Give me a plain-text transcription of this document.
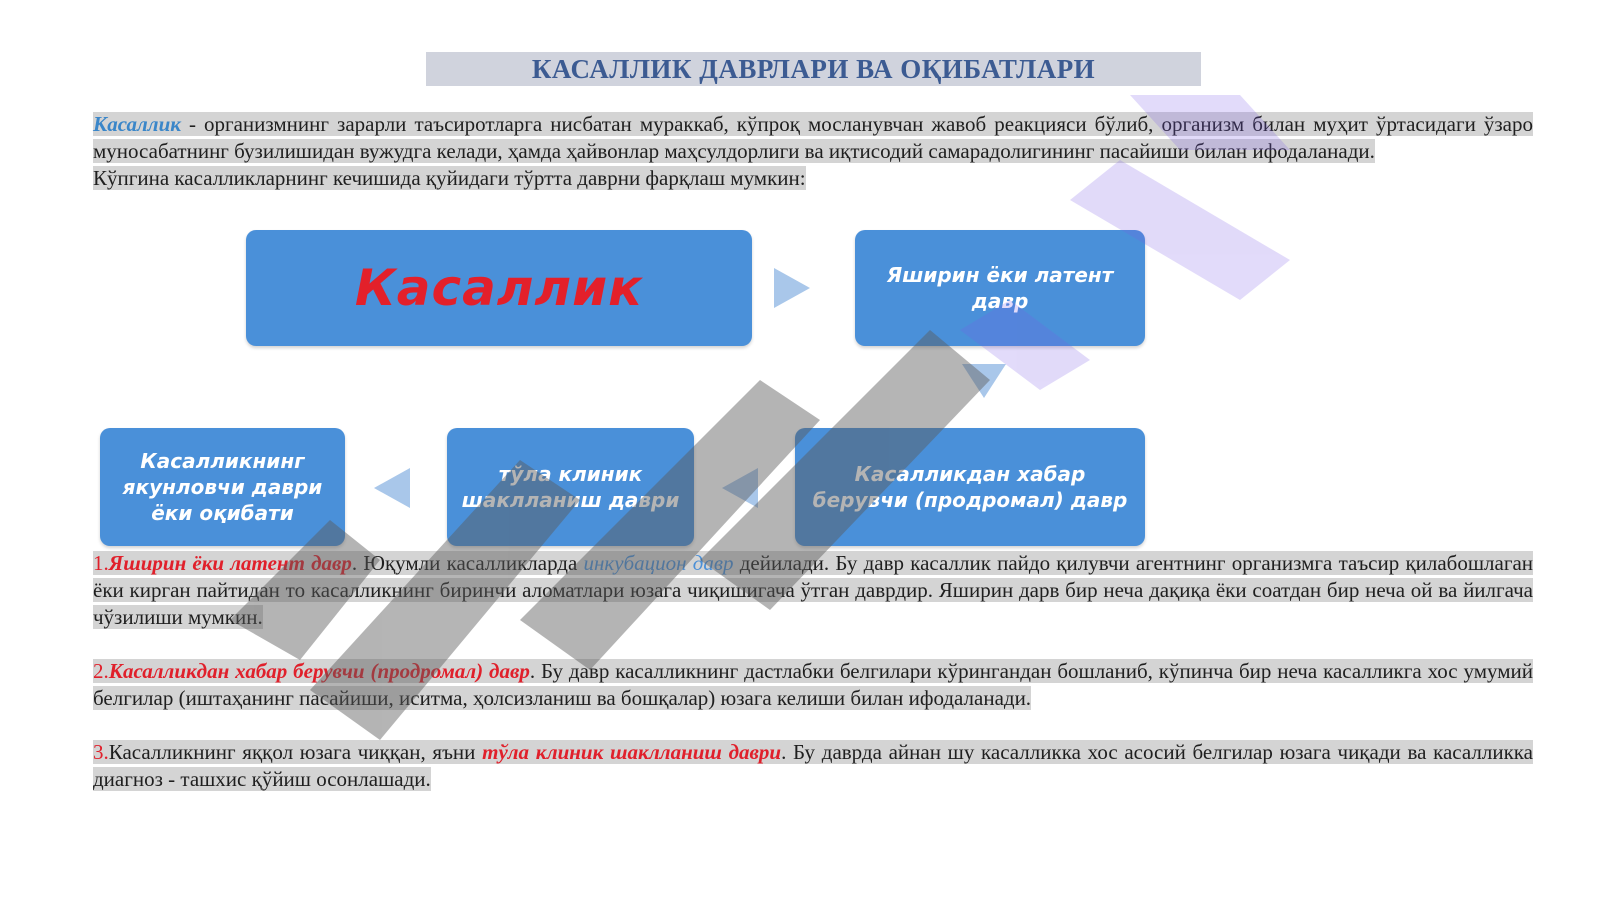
КАСАЛЛИК ДАВРЛАРИ ВА ОҚИБАТЛАРИ
Касаллик - организмнинг зарарли таъсиротларга нисбатан мураккаб, кўпроқ мосланувчан жавоб реакцияси бўлиб, организм билан муҳит ўртасидаги ўзаро муносабатнинг бузилишидан вужудга келади, ҳамда ҳайвонлар маҳсулдорлиги ва иқтисодий самарадолигининг пасайиши билан ифодаланади.
Кўпгина касалликларнинг кечишида қуйидаги тўртта даврни фарқлаш мумкин:
Касаллик	Яширин ёки латент давр
Касалликдан хабар берувчи (продромал) давр
тўла клиник шаклланиш даври
Касалликнинг якунловчи даври ёки оқибати
1.Яширин ёки латент давр. Юқумли касалликларда инкубацион давр дейилади. Бу давр касаллик пайдо қилувчи агентнинг организмга таъсир қилабошлаган ёки кирган пайтидан то касалликнинг биринчи аломатлари юзага чиқишигача ўтган даврдир. Яширин дарв бир неча дақиқа ёки соатдан бир неча ой ва йилгача чўзилиши мумкин.
2.Касалликдан хабар берувчи (продромал) давр. Бу давр касалликнинг дастлабки белгилари кўрингандан бошланиб, кўпинча бир неча касалликга хос умумий белгилар (иштаҳанинг пасайиши, иситма, ҳолсизланиш ва бошқалар) юзага келиши билан ифодаланади.
3.Касалликнинг яққол юзага чиққан, яъни тўла клиник шаклланиш даври. Бу даврда айнан шу касалликка хос асосий белгилар юзага чиқади ва касалликка диагноз - ташхис қўйиш осонлашади.
